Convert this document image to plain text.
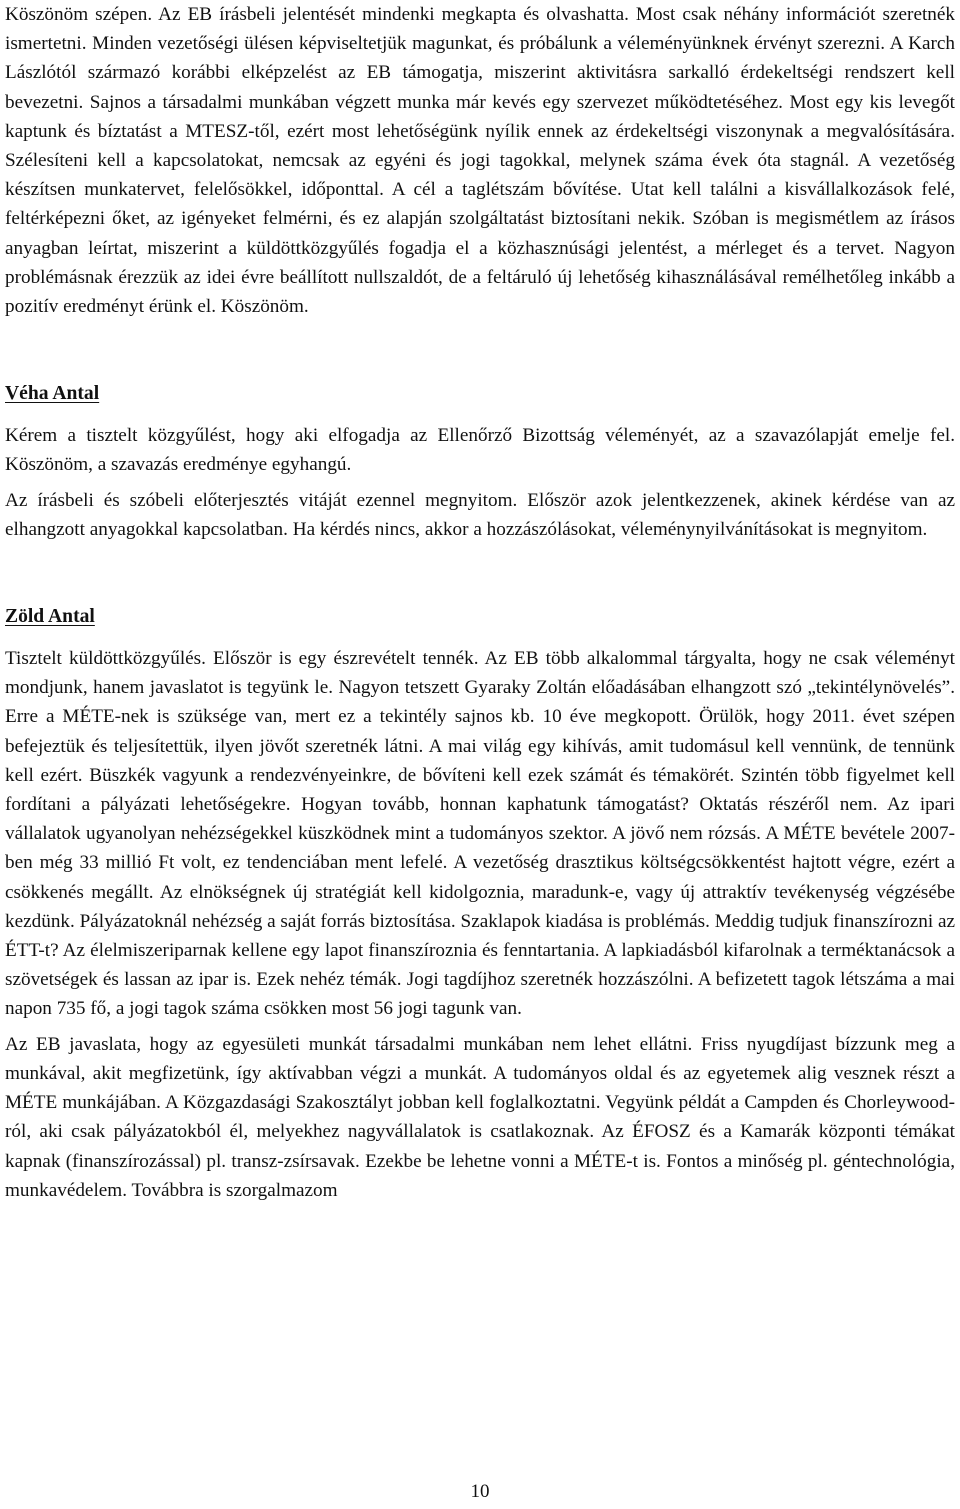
Köszönöm szépen. Az EB írásbeli jelentését mindenki megkapta és olvashatta. Most csak néhány információt szeretnék ismertetni. Minden vezetőségi ülésen képviseltetjük magunkat, és próbálunk a véleményünknek érvényt szerezni. A Karch Lászlótól származó korábbi elképzelést az EB támogatja, miszerint aktivitásra sarkalló érdekeltségi rendszert kell bevezetni. Sajnos a társadalmi munkában végzett munka már kevés egy szervezet működtetéséhez. Most egy kis levegőt kaptunk és bíztatást a MTESZ-től, ezért most lehetőségünk nyílik ennek az érdekeltségi viszonynak a megvalósítására. Szélesíteni kell a kapcsolatokat, nemcsak az egyéni és jogi tagokkal, melynek száma évek óta stagnál. A vezetőség készítsen munkatervet, felelősökkel, időponttal. A cél a taglétszám bővítése. Utat kell találni a kisvállalkozások felé, feltérképezni őket, az igényeket felmérni, és ez alapján szolgáltatást biztosítani nekik. Szóban is megismétlem az írásos anyagban leírtat, miszerint a küldöttközgyűlés fogadja el a közhasznúsági jelentést, a mérleget és a tervet. Nagyon problémásnak érezzük az idei évre beállított nullszaldót, de a feltáruló új lehetőség kihasználásával remélhetőleg inkább a pozitív eredményt érünk el. Köszönöm.

Véha Antal

Kérem a tisztelt közgyűlést, hogy aki elfogadja az Ellenőrző Bizottság véleményét, az a szavazólapját emelje fel. Köszönöm, a szavazás eredménye egyhangú.

Az írásbeli és szóbeli előterjesztés vitáját ezennel megnyitom. Először azok jelentkezzenek, akinek kérdése van az elhangzott anyagokkal kapcsolatban. Ha kérdés nincs, akkor a hozzászólásokat, véleménynyilvánításokat is megnyitom.

Zöld Antal

Tisztelt küldöttközgyűlés. Először is egy észrevételt tennék. Az EB több alkalommal tárgyalta, hogy ne csak véleményt mondjunk, hanem javaslatot is tegyünk le. Nagyon tetszett Gyaraky Zoltán előadásában elhangzott szó „tekintélynövelés”. Erre a MÉTE-nek is szüksége van, mert ez a tekintély sajnos kb. 10 éve megkopott. Örülök, hogy 2011. évet szépen befejeztük és teljesítettük, ilyen jövőt szeretnék látni. A mai világ egy kihívás, amit tudomásul kell vennünk, de tennünk kell ezért. Büszkék vagyunk a rendezvényeinkre, de bővíteni kell ezek számát és témakörét. Szintén több figyelmet kell fordítani a pályázati lehetőségekre. Hogyan tovább, honnan kaphatunk támogatást? Oktatás részéről nem. Az ipari vállalatok ugyanolyan nehézségekkel küszködnek mint a tudományos szektor. A jövő nem rózsás. A MÉTE bevétele 2007-ben még 33 millió Ft volt, ez tendenciában ment lefelé. A vezetőség drasztikus költségcsökkentést hajtott végre, ezért a csökkenés megállt. Az elnökségnek új stratégiát kell kidolgoznia, maradunk-e, vagy új attraktív tevékenység végzésébe kezdünk. Pályázatoknál nehézség a saját forrás biztosítása. Szaklapok kiadása is problémás. Meddig tudjuk finanszírozni az ÉTT-t? Az élelmiszeriparnak kellene egy lapot finanszíroznia és fenntartania. A lapkiadásból kifarolnak a terméktanácsok a szövetségek és lassan az ipar is. Ezek nehéz témák. Jogi tagdíjhoz szeretnék hozzászólni. A befizetett tagok létszáma a mai napon 735 fő, a jogi tagok száma csökken most 56 jogi tagunk van.

Az EB javaslata, hogy az egyesületi munkát társadalmi munkában nem lehet ellátni. Friss nyugdíjast bízzunk meg a munkával, akit megfizetünk, így aktívabban végzi a munkát. A tudományos oldal és az egyetemek alig vesznek részt a MÉTE munkájában. A Közgazdasági Szakosztályt jobban kell foglalkoztatni. Vegyünk példát a Campden és Chorleywood-ról, aki csak pályázatokból él, melyekhez nagyvállalatok is csatlakoznak. Az ÉFOSZ és a Kamarák központi témákat kapnak (finanszírozással) pl. transz-zsírsavak. Ezekbe be lehetne vonni a MÉTE-t is. Fontos a minőség pl. géntechnológia, munkavédelem. Továbbra is szorgalmazom

10
